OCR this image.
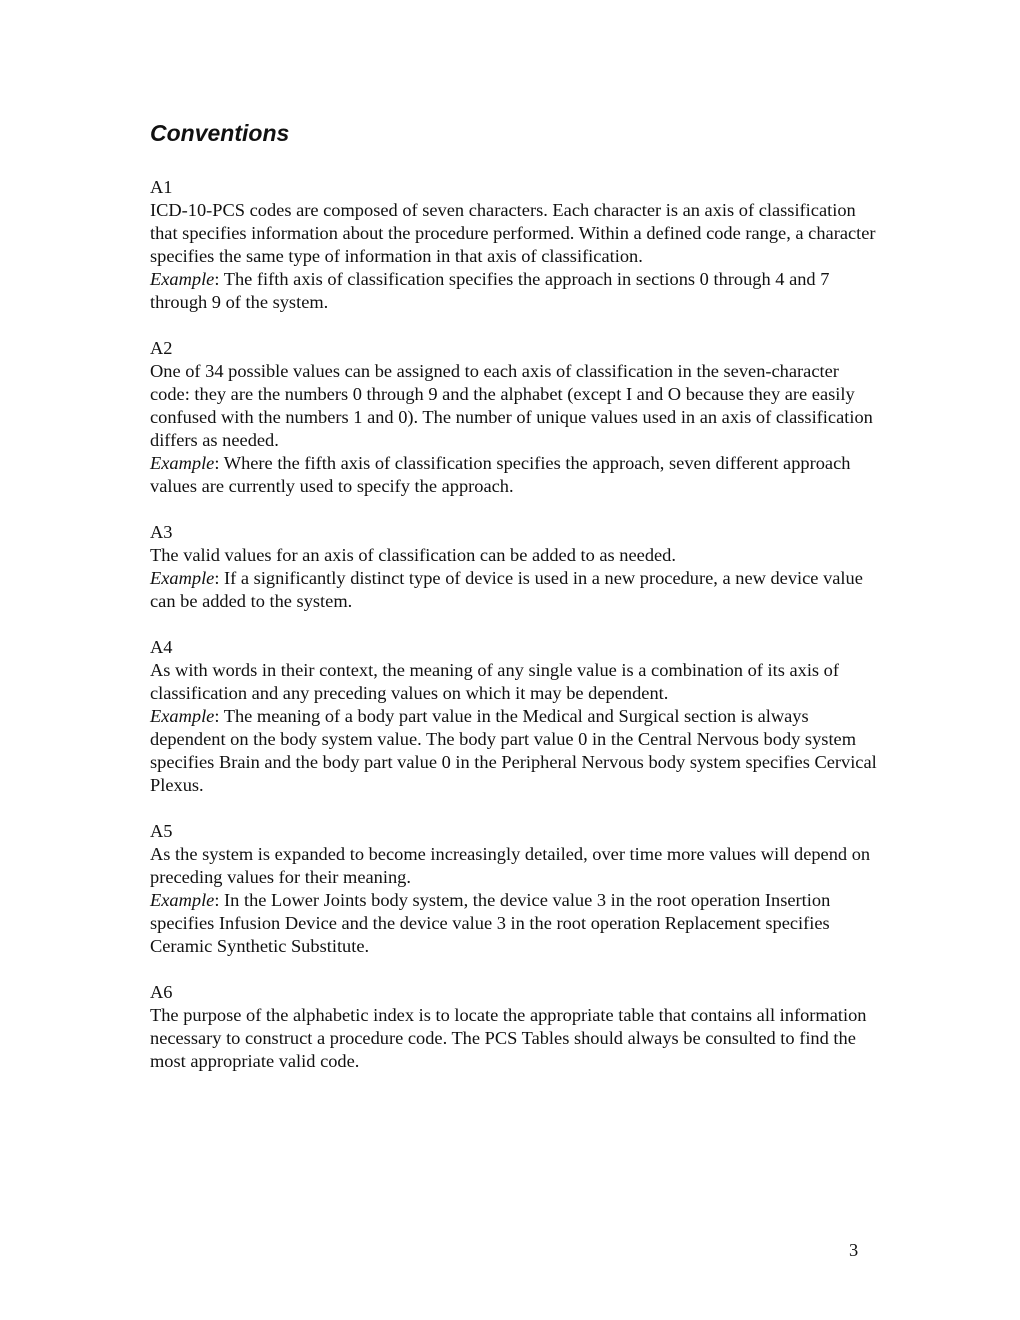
Conventions

A1

ICD-10-PCS codes are composed of seven characters. Each character is an axis of classification that specifies information about the procedure performed. Within a defined code range, a character specifies the same type of information in that axis of classification.

Example: The fifth axis of classification specifies the approach in sections 0 through 4 and 7 through 9 of the system.

A2

One of 34 possible values can be assigned to each axis of classification in the seven-character code: they are the numbers 0 through 9 and the alphabet (except I and O because they are easily confused with the numbers 1 and 0). The number of unique values used in an axis of classification differs as needed.

Example: Where the fifth axis of classification specifies the approach, seven different approach values are currently used to specify the approach.

A3

The valid values for an axis of classification can be added to as needed.

Example: If a significantly distinct type of device is used in a new procedure, a new device value can be added to the system.

A4

As with words in their context, the meaning of any single value is a combination of its axis of classification and any preceding values on which it may be dependent.

Example: The meaning of a body part value in the Medical and Surgical section is always dependent on the body system value. The body part value 0 in the Central Nervous body system specifies Brain and the body part value 0 in the Peripheral Nervous body system specifies Cervical Plexus.

A5

As the system is expanded to become increasingly detailed, over time more values will depend on preceding values for their meaning.

Example: In the Lower Joints body system, the device value 3 in the root operation Insertion specifies Infusion Device and the device value 3 in the root operation Replacement specifies Ceramic Synthetic Substitute.

A6

The purpose of the alphabetic index is to locate the appropriate table that contains all information necessary to construct a procedure code. The PCS Tables should always be consulted to find the most appropriate valid code.

3
